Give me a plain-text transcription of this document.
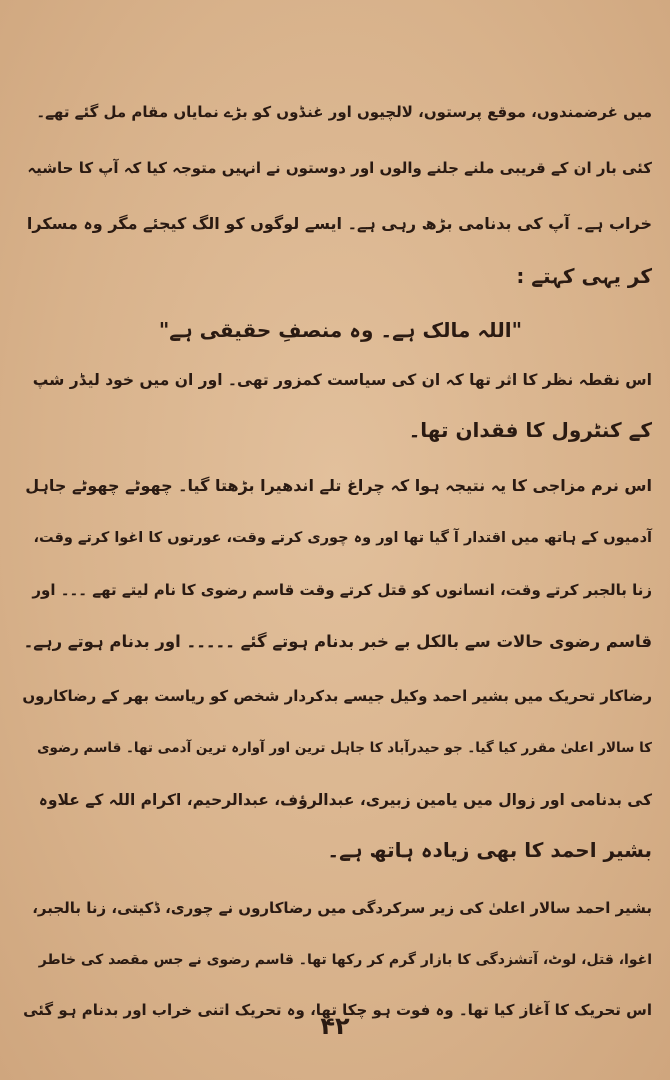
میں غرضمندوں، موقع پرستوں، لالچیوں اور غنڈوں کو بڑے نمایاں مقام مل گئے تھے۔
کئی بار ان کے قریبی ملنے جلنے والوں اور دوستوں نے انہیں متوجہ کیا کہ آپ کا حاشیہ
خراب ہے۔ آپ کی بدنامی بڑھ رہی ہے۔ ایسے لوگوں کو الگ کیجئے مگر وہ مسکرا
کر یہی کہتے :
"اللہ مالک ہے۔ وہ منصفِ حقیقی ہے"
اس نقطہ نظر کا اثر تھا کہ ان کی سیاست کمزور تھی۔ اور ان میں خود لیڈر شپ
کے کنٹرول کا فقدان تھا۔
اس نرم مزاجی کا یہ نتیجہ ہوا کہ چراغ تلے اندھیرا بڑھتا گیا۔ چھوٹے چھوٹے جاہل
آدمیوں کے ہاتھ میں اقتدار آ گیا تھا اور وہ چوری کرتے وقت، عورتوں کا اغوا کرتے وقت،
زنا بالجبر کرتے وقت، انسانوں کو قتل کرتے وقت قاسم رضوی کا نام لیتے تھے ۔۔۔ اور
قاسم رضوی حالات سے بالکل بے خبر بدنام ہوتے گئے ۔۔۔۔۔ اور بدنام ہوتے رہے۔
رضاکار تحریک میں بشیر احمد وکیل جیسے بدکردار شخص کو ریاست بھر کے رضاکاروں
کا سالار اعلیٰ مقرر کیا گیا۔ جو حیدرآباد کا جاہل ترین اور آوارہ ترین آدمی تھا۔ قاسم رضوی
کی بدنامی اور زوال میں یامین زبیری، عبدالرؤف، عبدالرحیم، اکرام اللہ کے علاوہ
بشیر احمد کا بھی زیادہ ہاتھ ہے۔
بشیر احمد سالار اعلیٰ کی زیر سرکردگی میں رضاکاروں نے چوری، ڈکیتی، زنا بالجبر،
اغوا، قتل، لوٹ، آتشزدگی کا بازار گرم کر رکھا تھا۔ قاسم رضوی نے جس مقصد کی خاطر
اس تحریک کا آغاز کیا تھا۔ وہ فوت ہو چکا تھا، وہ تحریک اتنی خراب اور بدنام ہو گئی
۴۲
